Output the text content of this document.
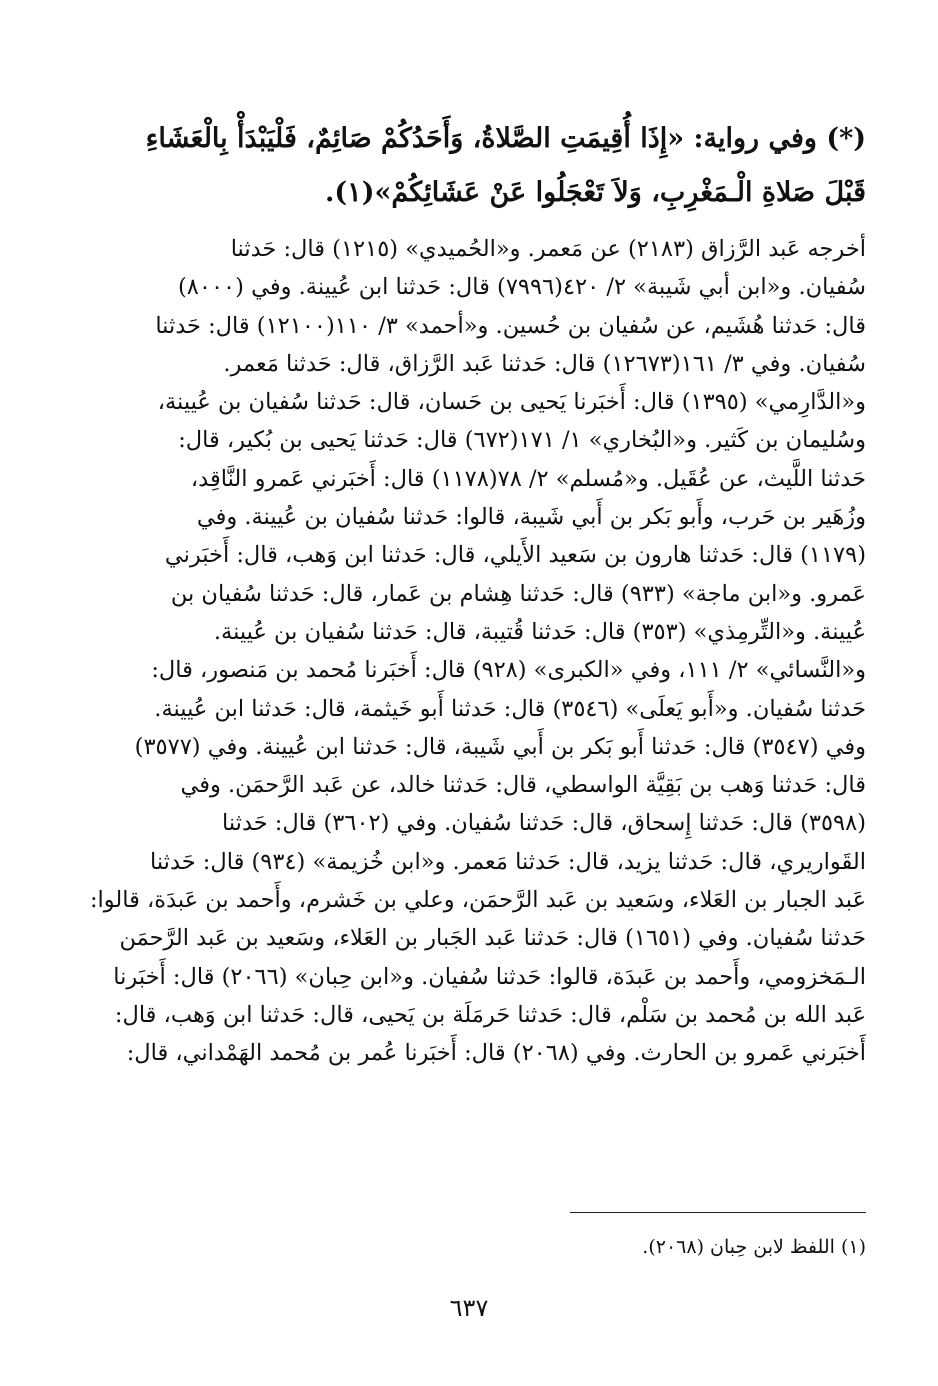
(*) وفي رواية: «إِذَا أُقِيمَتِ الصَّلاةُ، وَأَحَدُكُمْ صَائِمٌ، فَلْيَبْدَأْ بِالْعَشَاءِ

قَبْلَ صَلاةِ الْـمَغْرِبِ، وَلاَ تَعْجَلُوا عَنْ عَشَائِكُمْ»(١).

أخرجه عَبد الرَّزاق (٢١٨٣) عن مَعمر. و«الحُميدي» (١٢١٥) قال: حَدثنا

سُفيان. و«ابن أبي شَيبة» ٢/ ٤٢٠(٧٩٩٦) قال: حَدثنا ابن عُيينة. وفي (٨٠٠٠)

قال: حَدثنا هُشَيم، عن سُفيان بن حُسين. و«أحمد» ٣/ ١١٠(١٢١٠٠) قال: حَدثنا

سُفيان. وفي ٣/ ١٦١(١٢٦٧٣) قال: حَدثنا عَبد الرَّزاق، قال: حَدثنا مَعمر.

و«الدَّارِمي» (١٣٩٥) قال: أَخبَرنا يَحيى بن حَسان، قال: حَدثنا سُفيان بن عُيينة،

وسُليمان بن كَثير. و«البُخاري» ١/ ١٧١(٦٧٢) قال: حَدثنا يَحيى بن بُكير، قال:

حَدثنا اللَّيث، عن عُقَيل. و«مُسلم» ٢/ ٧٨(١١٧٨) قال: أَخبَرني عَمرو النَّاقِد،

وزُهَير بن حَرب، وأَبو بَكر بن أَبي شَيبة، قالوا: حَدثنا سُفيان بن عُيينة. وفي

(١١٧٩) قال: حَدثنا هارون بن سَعيد الأَيلي، قال: حَدثنا ابن وَهب، قال: أَخبَرني

عَمرو. و«ابن ماجة» (٩٣٣) قال: حَدثنا هِشام بن عَمار، قال: حَدثنا سُفيان بن

عُيينة. و«التِّرمِذي» (٣٥٣) قال: حَدثنا قُتيبة، قال: حَدثنا سُفيان بن عُيينة.

و«النَّسائي» ٢/ ١١١، وفي «الكبرى» (٩٢٨) قال: أَخبَرنا مُحمد بن مَنصور، قال:

حَدثنا سُفيان. و«أَبو يَعلَى» (٣٥٤٦) قال: حَدثنا أَبو خَيثمة، قال: حَدثنا ابن عُيينة.

وفي (٣٥٤٧) قال: حَدثنا أَبو بَكر بن أَبي شَيبة، قال: حَدثنا ابن عُيينة. وفي (٣٥٧٧)

قال: حَدثنا وَهب بن بَقِيَّة الواسطي، قال: حَدثنا خالد، عن عَبد الرَّحمَن. وفي

(٣٥٩٨) قال: حَدثنا إِسحاق، قال: حَدثنا سُفيان. وفي (٣٦٠٢) قال: حَدثنا

القَواريري، قال: حَدثنا يزيد، قال: حَدثنا مَعمر. و«ابن خُزيمة» (٩٣٤) قال: حَدثنا

عَبد الجبار بن العَلاء، وسَعيد بن عَبد الرَّحمَن، وعلي بن خَشرم، وأَحمد بن عَبدَة، قالوا:

حَدثنا سُفيان. وفي (١٦٥١) قال: حَدثنا عَبد الجَبار بن العَلاء، وسَعيد بن عَبد الرَّحمَن

الـمَخزومي، وأَحمد بن عَبدَة، قالوا: حَدثنا سُفيان. و«ابن حِبان» (٢٠٦٦) قال: أَخبَرنا

عَبد الله بن مُحمد بن سَلْم، قال: حَدثنا حَرمَلَة بن يَحيى، قال: حَدثنا ابن وَهب، قال:

أَخبَرني عَمرو بن الحارث. وفي (٢٠٦٨) قال: أَخبَرنا عُمر بن مُحمد الهَمْداني، قال:

(١) اللفظ لابن حِبان (٢٠٦٨).
٦٣٧
